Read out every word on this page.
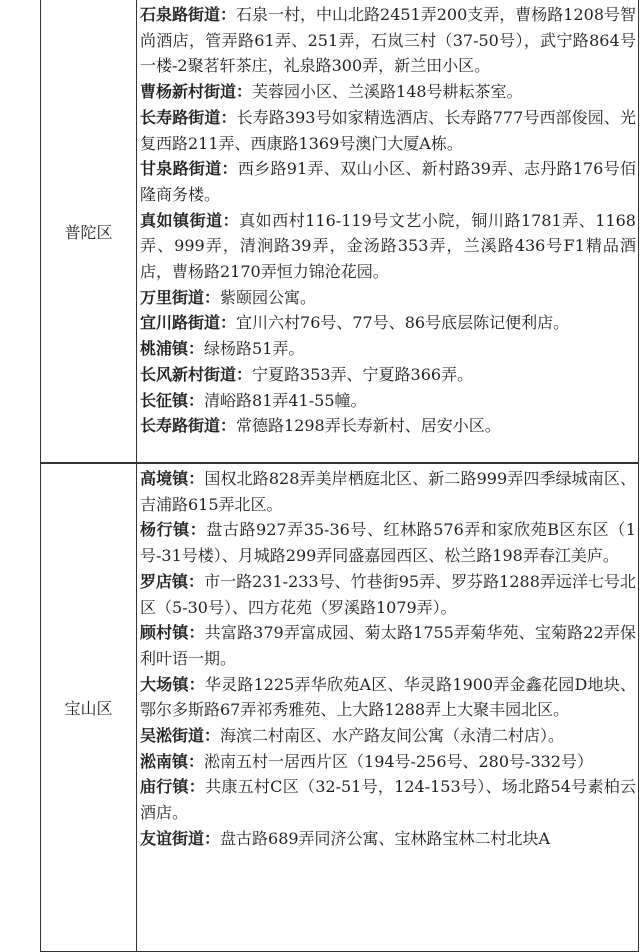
普陀区

石泉路街道：石泉一村，中山北路2451弄200支弄，曹杨路1208号智尚酒店，管弄路61弄、251弄，石岚三村（37-50号），武宁路864号一楼-2聚茗轩茶庄，礼泉路300弄，新兰田小区。

曹杨新村街道：芙蓉园小区、兰溪路148号耕耘茶室。

长寿路街道：长寿路393号如家精选酒店、长寿路777号西部俊园、光复西路211弄、西康路1369号澳门大厦A栋。

甘泉路街道：西乡路91弄、双山小区、新村路39弄、志丹路176号佰隆商务楼。

真如镇街道：真如西村116-119号文艺小院，铜川路1781弄、1168弄、999弄，清涧路39弄，金汤路353弄，兰溪路436号F1精品酒店，曹杨路2170弄恒力锦沧花园。

万里街道：紫颐园公寓。

宜川路街道：宜川六村76号、77号、86号底层陈记便利店。

桃浦镇：绿杨路51弄。

长风新村街道：宁夏路353弄、宁夏路366弄。

长征镇：清峪路81弄41-55幢。

长寿路街道：常德路1298弄长寿新村、居安小区。

宝山区

高境镇：国权北路828弄美岸栖庭北区、新二路999弄四季绿城南区、吉浦路615弄北区。

杨行镇：盘古路927弄35-36号、红林路576弄和家欣苑B区东区（1号-31号楼）、月城路299弄同盛嘉园西区、松兰路198弄春江美庐。

罗店镇：市一路231-233号、竹巷街95弄、罗芬路1288弄远洋七号北区（5-30号）、四方花苑（罗溪路1079弄）。

顾村镇：共富路379弄富成园、菊太路1755弄菊华苑、宝菊路22弄保利叶语一期。

大场镇：华灵路1225弄华欣苑A区、华灵路1900弄金鑫花园D地块、鄂尔多斯路67弄祁秀雅苑、上大路1288弄上大聚丰园北区。

吴淞街道：海滨二村南区、水产路友间公寓（永清二村店）。

淞南镇：淞南五村一居西片区（194号-256号、280号-332号）

庙行镇：共康五村C区（32-51号，124-153号）、场北路54号素柏云酒店。

友谊街道：盘古路689弄同济公寓、宝林路宝林二村北块A
